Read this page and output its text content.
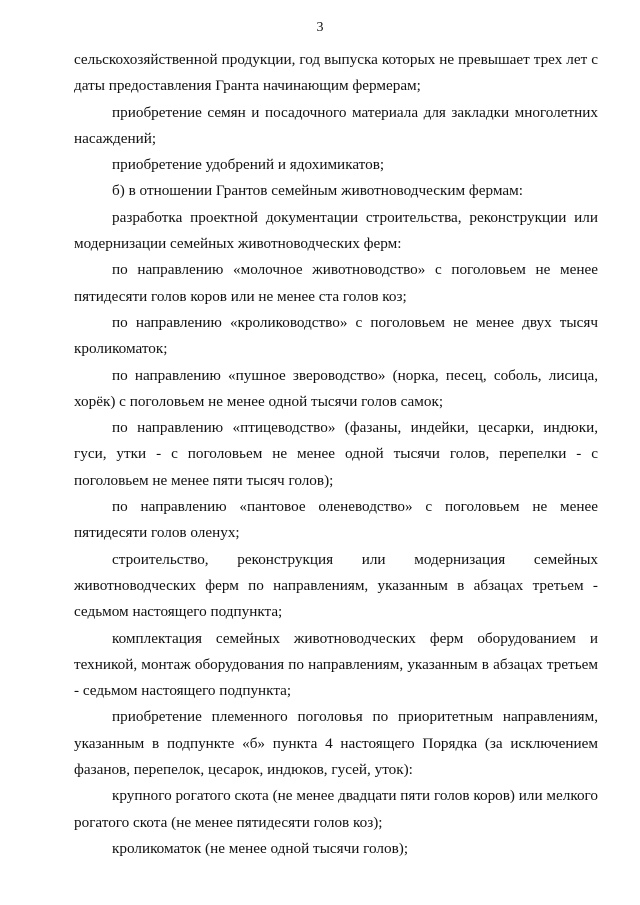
3

сельскохозяйственной продукции, год выпуска которых не превышает трех лет с даты предоставления Гранта начинающим фермерам;

приобретение семян и посадочного материала для закладки многолетних насаждений;

приобретение удобрений и ядохимикатов;

б) в отношении Грантов семейным животноводческим фермам:

разработка проектной документации строительства, реконструкции или модернизации семейных животноводческих ферм:

по направлению «молочное животноводство» с поголовьем не менее пятидесяти голов коров или не менее ста голов коз;

по направлению «кролиководство» с поголовьем не менее двух тысяч кроликоматок;

по направлению «пушное звероводство» (норка, песец, соболь, лисица, хорёк) с поголовьем не менее одной тысячи голов самок;

по направлению «птицеводство» (фазаны, индейки, цесарки, индюки, гуси, утки - с поголовьем не менее одной тысячи голов, перепелки - с поголовьем не менее пяти тысяч голов);

по направлению «пантовое оленеводство» с поголовьем не менее пятидесяти голов оленух;

строительство, реконструкция или модернизация семейных животноводческих ферм по направлениям, указанным в абзацах третьем - седьмом настоящего подпункта;

комплектация семейных животноводческих ферм оборудованием и техникой, монтаж оборудования по направлениям, указанным в абзацах третьем - седьмом настоящего подпункта;

приобретение племенного поголовья по приоритетным направлениям, указанным в подпункте «б» пункта 4 настоящего Порядка (за исключением фазанов, перепелок, цесарок, индюков, гусей, уток):

крупного рогатого скота (не менее двадцати пяти голов коров) или мелкого рогатого скота (не менее пятидесяти голов коз);

кроликоматок (не менее одной тысячи голов);
